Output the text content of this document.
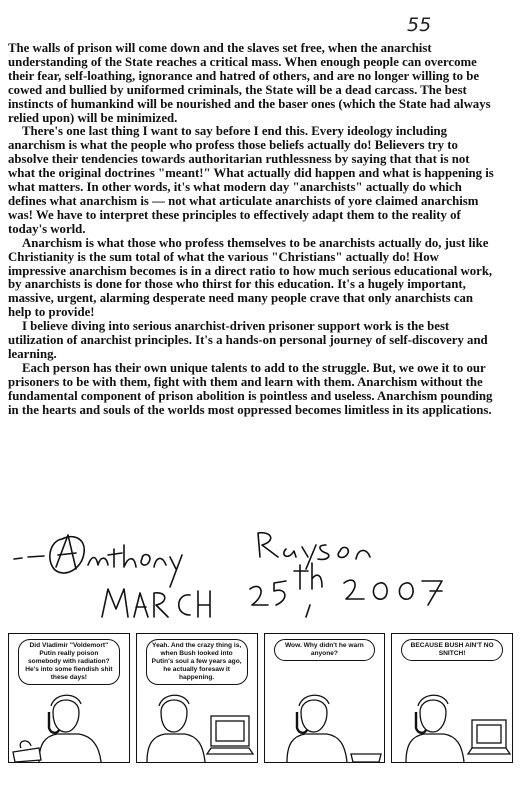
55

The walls of prison will come down and the slaves set free, when the anarchist understanding of the State reaches a critical mass. When enough people can overcome their fear, self-loathing, ignorance and hatred of others, and are no longer willing to be cowed and bullied by uniformed criminals, the State will be a dead carcass. The best instincts of humankind will be nourished and the baser ones (which the State had always relied upon) will be minimized.

There's one last thing I want to say before I end this. Every ideology including anarchism is what the people who profess those beliefs actually do! Believers try to absolve their tendencies towards authoritarian ruthlessness by saying that that is not what the original doctrines "meant!" What actually did happen and what is happening is what matters. In other words, it's what modern day "anarchists" actually do which defines what anarchism is — not what articulate anarchists of yore claimed anarchism was! We have to interpret these principles to effectively adapt them to the reality of today's world.

Anarchism is what those who profess themselves to be anarchists actually do, just like Christianity is the sum total of what the various "Christians" actually do! How impressive anarchism becomes is in a direct ratio to how much serious educational work, by anarchists is done for those who thirst for this education. It's a hugely important, massive, urgent, alarming desperate need many people crave that only anarchists can help to provide!

I believe diving into serious anarchist-driven prisoner support work is the best utilization of anarchist principles. It's a hands-on personal journey of self-discovery and learning.

Each person has their own unique talents to add to the struggle. But, we owe it to our prisoners to be with them, fight with them and learn with them. Anarchism without the fundamental component of prison abolition is pointless and useless. Anarchism pounding in the hearts and souls of the worlds most oppressed becomes limitless in its applications.

Did Vladimir "Voldemort" Putin really poison somebody with radiation? He's into some fiendish shit these days!
Yeah. And the crazy thing is, when Bush looked into Putin's soul a few years ago, he actually foresaw it happening.
Wow. Why didn't he warn anyone?
BECAUSE BUSH AIN'T NO SNITCH!
